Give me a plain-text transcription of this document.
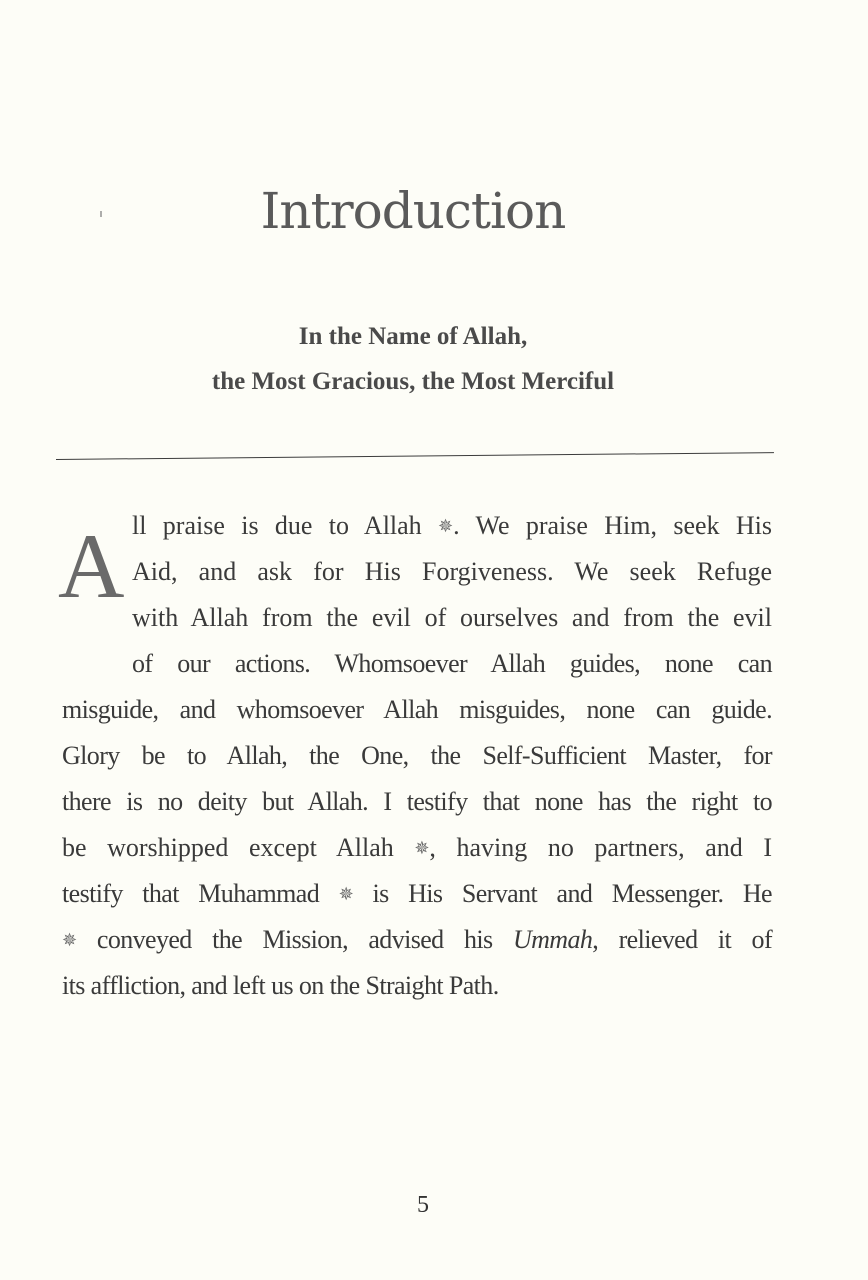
Introduction

In the Name of Allah,

the Most Gracious, the Most Merciful

A ll praise is due to Allah ✵. We praise Him, seek His
Aid, and ask for His Forgiveness. We seek Refuge
with Allah from the evil of ourselves and from the evil
of our actions. Whomsoever Allah guides, none can
misguide, and whomsoever Allah misguides, none can guide.
Glory be to Allah, the One, the Self-Sufficient Master, for
there is no deity but Allah. I testify that none has the right to
be worshipped except Allah ✵, having no partners, and I
testify that Muhammad ✵ is His Servant and Messenger. He
✵ conveyed the Mission, advised his Ummah, relieved it of
its affliction, and left us on the Straight Path.
5
